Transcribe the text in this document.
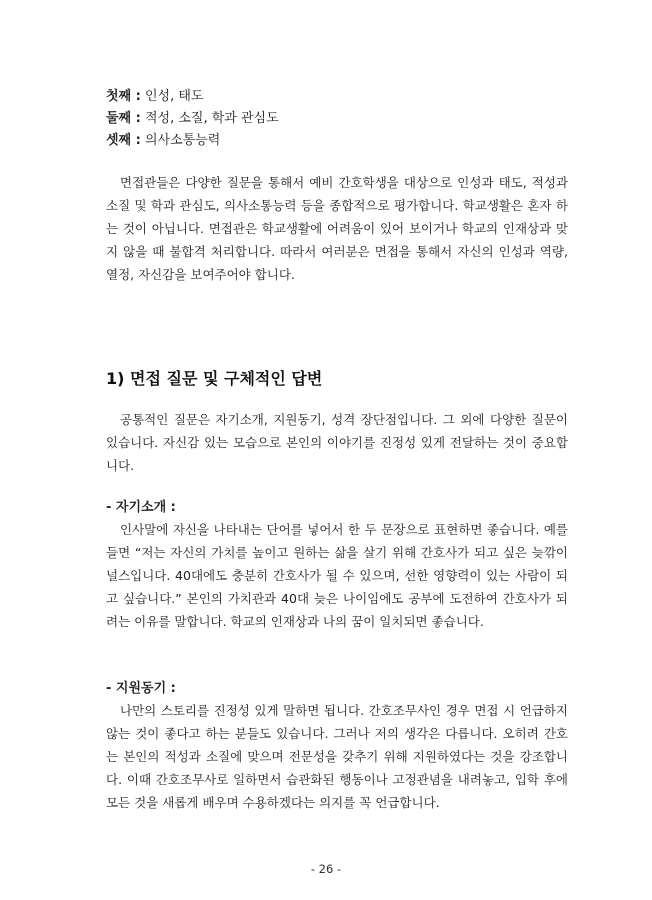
첫째 : 인성, 태도
둘째 : 적성, 소질, 학과 관심도
셋째 : 의사소통능력

면접관들은 다양한 질문을 통해서 예비 간호학생을 대상으로 인성과 태도, 적성과 소질 및 학과 관심도, 의사소통능력 등을 종합적으로 평가합니다. 학교생활은 혼자 하는 것이 아닙니다. 면접관은 학교생활에 어려움이 있어 보이거나 학교의 인재상과 맞지 않을 때 불합격 처리합니다. 따라서 여러분은 면접을 통해서 자신의 인성과 역량, 열정, 자신감을 보여주어야 합니다.

1) 면접 질문 및 구체적인 답변

공통적인 질문은 자기소개, 지원동기, 성격 장단점입니다. 그 외에 다양한 질문이 있습니다. 자신감 있는 모습으로 본인의 이야기를 진정성 있게 전달하는 것이 중요합니다.

- 자기소개 :

인사말에 자신을 나타내는 단어를 넣어서 한 두 문장으로 표현하면 좋습니다. 예를 들면 “저는 자신의 가치를 높이고 원하는 삶을 살기 위해 간호사가 되고 싶은 늦깎이널스입니다. 40대에도 충분히 간호사가 될 수 있으며, 선한 영향력이 있는 사람이 되고 싶습니다.” 본인의 가치관과 40대 늦은 나이임에도 공부에 도전하여 간호사가 되려는 이유를 말합니다. 학교의 인재상과 나의 꿈이 일치되면 좋습니다.

- 지원동기 :

나만의 스토리를 진정성 있게 말하면 됩니다. 간호조무사인 경우 면접 시 언급하지 않는 것이 좋다고 하는 분들도 있습니다. 그러나 저의 생각은 다릅니다. 오히려 간호는 본인의 적성과 소질에 맞으며 전문성을 갖추기 위해 지원하였다는 것을 강조합니다. 이때 간호조무사로 일하면서 습관화된 행동이나 고정관념을 내려놓고, 입학 후에 모든 것을 새롭게 배우며 수용하겠다는 의지를 꼭 언급합니다.

- 26 -
